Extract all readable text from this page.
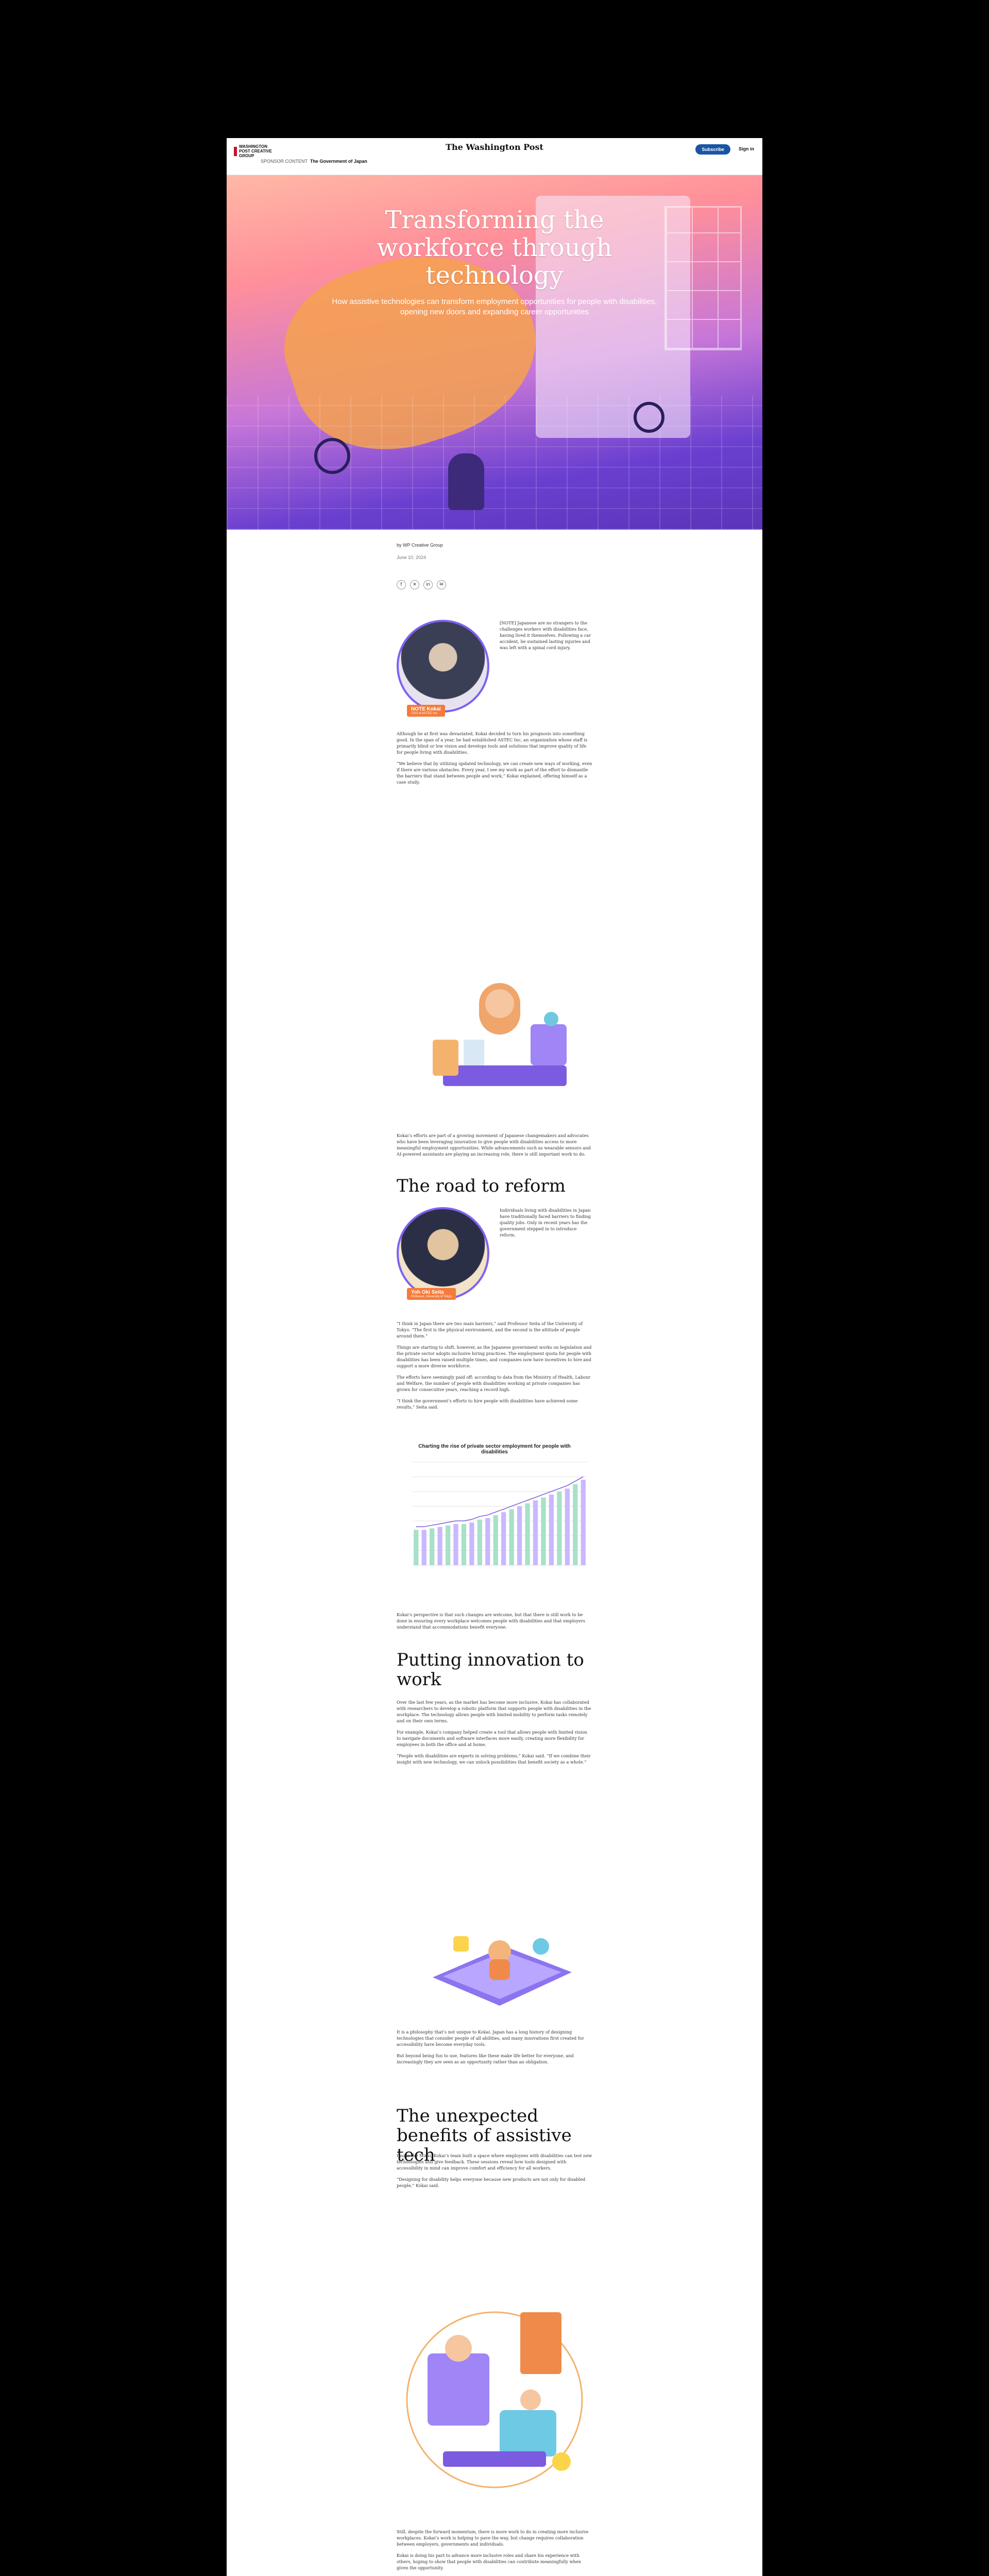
WASHINGTON POST CREATIVE GROUP
The Washington Post
SPONSOR CONTENT The Government of Japan
Subscribe	Sign in
Transforming the workforce through technology

How assistive technologies can transform employment opportunities for people with disabilities, opening new doors and expanding career opportunities

by WP Creative Group
June 10, 2024
f	✕	in	✉
NOTE Kokai
CEO of ASTEC Inc.

[NOTE] Japanese are no strangers to the challenges workers with disabilities face, having lived it themselves. Following a car accident, he sustained lasting injuries and was left with a spinal cord injury.

Although he at first was devastated, Kokai decided to turn his prognosis into something good. In the span of a year, he had established ASTEC Inc, an organization whose staff is primarily blind or low vision and develops tools and solutions that improve quality of life for people living with disabilities.

“We believe that by utilizing updated technology, we can create new ways of working, even if there are various obstacles. Every year, I see my work as part of the effort to dismantle the barriers that stand between people and work,” Kokai explained, offering himself as a case study.

Kokai’s efforts are part of a growing movement of Japanese changemakers and advocates who have been leveraging innovation to give people with disabilities access to more meaningful employment opportunities. While advancements such as wearable sensors and AI-powered assistants are playing an increasing role, there is still important work to do.

The road to reform
Yoh Oki Seita
Professor, University of Tokyo

Individuals living with disabilities in Japan have traditionally faced barriers to finding quality jobs. Only in recent years has the government stepped in to introduce reform.

“I think in Japan there are two main barriers,” said Professor Seita of the University of Tokyo. “The first is the physical environment, and the second is the attitude of people around them.”

Things are starting to shift, however, as the Japanese government works on legislation and the private sector adopts inclusive hiring practices. The employment quota for people with disabilities has been raised multiple times, and companies now have incentives to hire and support a more diverse workforce.

The efforts have seemingly paid off: according to data from the Ministry of Health, Labour and Welfare, the number of people with disabilities working at private companies has grown for consecutive years, reaching a record high.

“I think the government’s efforts to hire people with disabilities have achieved some results,” Seita said.

Charting the rise of private sector employment for people with disabilities

Kokai’s perspective is that such changes are welcome, but that there is still work to be done in ensuring every workplace welcomes people with disabilities and that employers understand that accommodations benefit everyone.

Putting innovation to work

Over the last few years, as the market has become more inclusive, Kokai has collaborated with researchers to develop a robotic platform that supports people with disabilities in the workplace. The technology allows people with limited mobility to perform tasks remotely and on their own terms.

For example, Kokai’s company helped create a tool that allows people with limited vision to navigate documents and software interfaces more easily, creating more flexibility for employees in both the office and at home.

“People with disabilities are experts in solving problems,” Kokai said. “If we combine their insight with new technology, we can unlock possibilities that benefit society as a whole.”

It is a philosophy that’s not unique to Kokai. Japan has a long history of designing technologies that consider people of all abilities, and many innovations first created for accessibility have become everyday tools.

But beyond being fun to use, features like these make life better for everyone, and increasingly they are seen as an opportunity rather than an obligation.

The unexpected benefits of assistive tech

Inside the Mirai, Kokai’s team built a space where employees with disabilities can test new technologies and give feedback. These sessions reveal how tools designed with accessibility in mind can improve comfort and efficiency for all workers.

“Designing for disability helps everyone because new products are not only for disabled people,” Kokai said.

Still, despite the forward momentum, there is more work to do in creating more inclusive workplaces. Kokai’s work is helping to pave the way, but change requires collaboration between employers, governments and individuals.

Kokai is doing his part to advance more inclusive roles and share his experience with others, hoping to show that people with disabilities can contribute meaningfully when given the opportunity.
